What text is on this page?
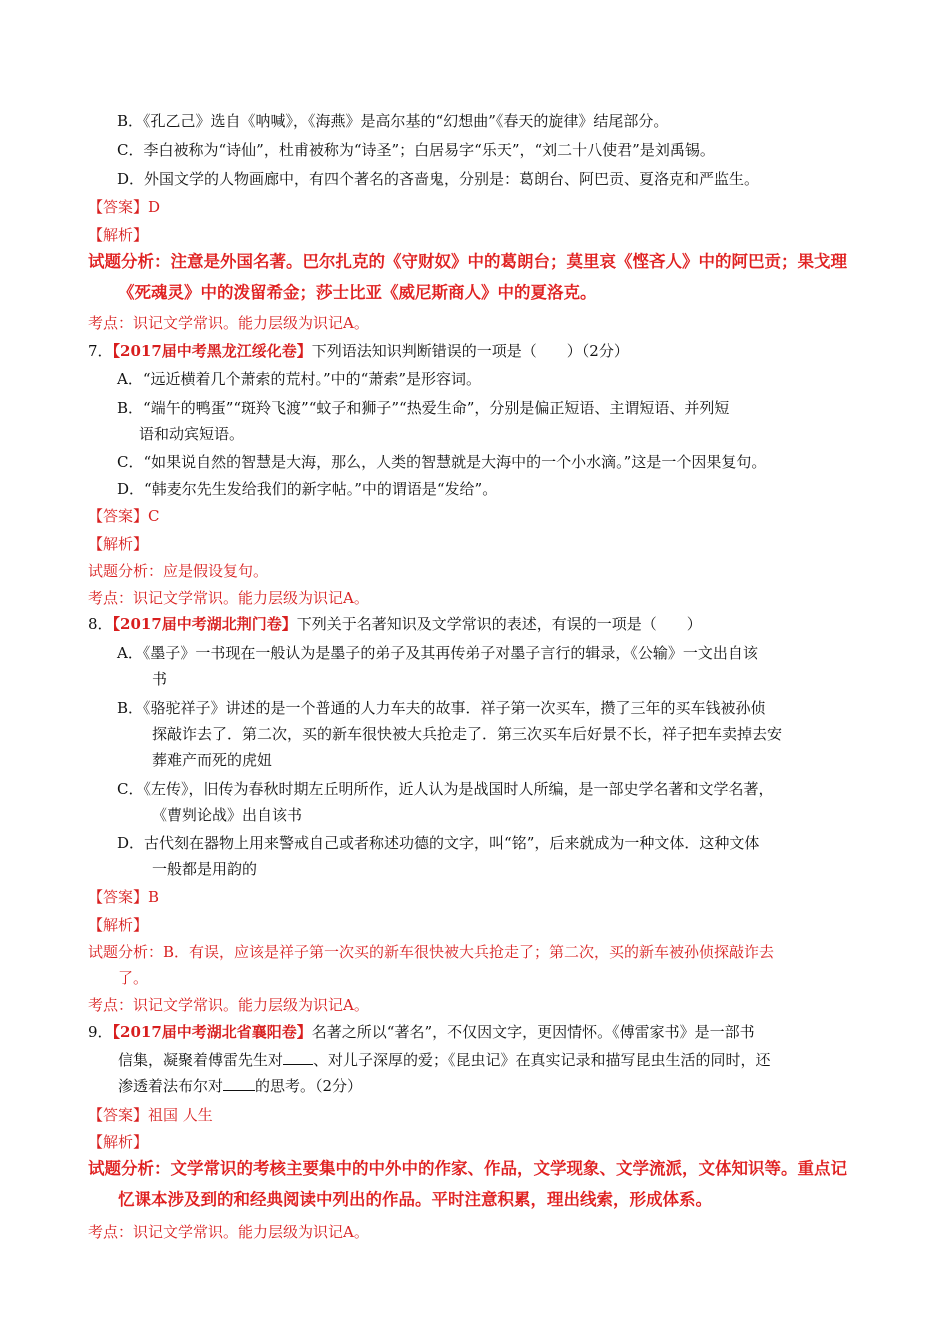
B．《孔乙己》选自《呐喊》，《海燕》是高尔基的“幻想曲”《春天的旋律》结尾部分。
C．李白被称为“诗仙”，杜甫被称为“诗圣”；白居易字“乐天”，“刘二十八使君”是刘禹锡。
D．外国文学的人物画廊中，有四个著名的吝啬鬼，分别是：葛朗台、阿巴贡、夏洛克和严监生。
【答案】D
【解析】
试题分析：注意是外国名著。巴尔扎克的《守财奴》中的葛朗台；莫里哀《悭吝人》中的阿巴贡；果戈理
《死魂灵》中的泼留希金；莎士比亚《威尼斯商人》中的夏洛克。
考点：识记文学常识。能力层级为识记A。
7．【2017届中考黑龙江绥化卷】下列语法知识判断错误的一项是（　　）（2分）
A．“远近横着几个萧索的荒村。”中的“萧索”是形容词。
B．“端午的鸭蛋”“斑羚飞渡”“蚊子和狮子”“热爱生命”，分别是偏正短语、主谓短语、并列短
语和动宾短语。
C．“如果说自然的智慧是大海，那么，人类的智慧就是大海中的一个小水滴。”这是一个因果复句。
D．“韩麦尔先生发给我们的新字帖。”中的谓语是“发给”。
【答案】C
【解析】
试题分析：应是假设复句。
考点：识记文学常识。能力层级为识记A。
8．【2017届中考湖北荆门卷】下列关于名著知识及文学常识的表述，有误的一项是（　　）
A．《墨子》一书现在一般认为是墨子的弟子及其再传弟子对墨子言行的辑录，《公输》一文出自该
书
B．《骆驼祥子》讲述的是一个普通的人力车夫的故事．祥子第一次买车，攒了三年的买车钱被孙侦
探敲诈去了．第二次，买的新车很快被大兵抢走了．第三次买车后好景不长，祥子把车卖掉去安
葬难产而死的虎妞
C．《左传》，旧传为春秋时期左丘明所作，近人认为是战国时人所编，是一部史学名著和文学名著，
《曹刿论战》出自该书
D．古代刻在器物上用来警戒自己或者称述功德的文字，叫“铭”，后来就成为一种文体．这种文体
一般都是用韵的
【答案】B
【解析】
试题分析：B．有误，应该是祥子第一次买的新车很快被大兵抢走了；第二次，买的新车被孙侦探敲诈去
了。
考点：识记文学常识。能力层级为识记A。
9．【2017届中考湖北省襄阳卷】名著之所以“著名”，不仅因文字，更因情怀。《傅雷家书》是一部书
信集，凝聚着傅雷先生对 、对儿子深厚的爱；《昆虫记》在真实记录和描写昆虫生活的同时，还
渗透着法布尔对 的思考。（2分）
【答案】祖国 人生
【解析】
试题分析：文学常识的考核主要集中的中外中的作家、作品，文学现象、文学流派，文体知识等。重点记
忆课本涉及到的和经典阅读中列出的作品。平时注意积累，理出线索，形成体系。
考点：识记文学常识。能力层级为识记A。
